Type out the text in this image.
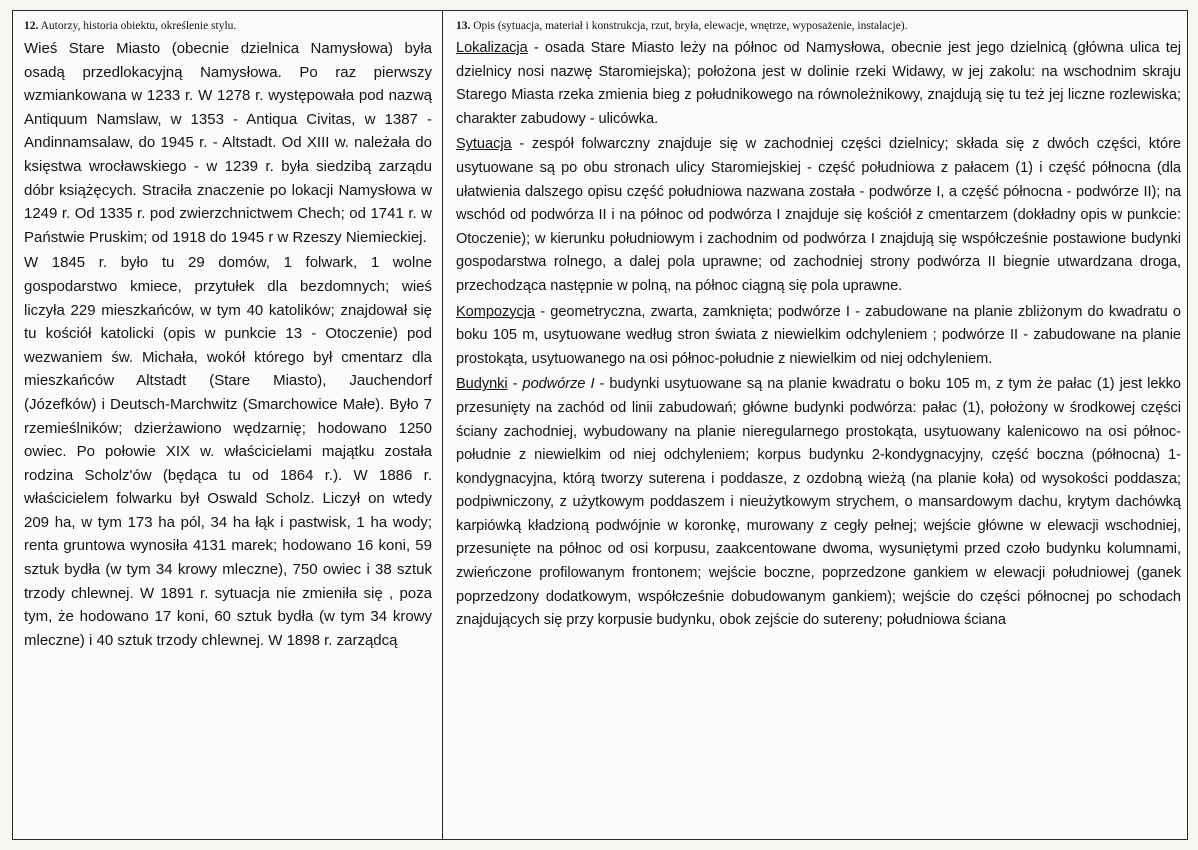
12. Autorzy, historia obiektu, określenie stylu.

Wieś Stare Miasto (obecnie dzielnica Namysłowa) była osadą przedlokacyjną Namysłowa. Po raz pierwszy wzmiankowana w 1233 r. W 1278 r. występowała pod nazwą Antiquum Namslaw, w 1353 - Antiqua Civitas, w 1387 - Andinnamsalaw, do 1945 r. - Altstadt. Od XIII w. należała do księstwa wrocławskiego - w 1239 r. była siedzibą zarządu dóbr książęcych. Straciła znaczenie po lokacji Namysłowa w 1249 r. Od 1335 r. pod zwierzchnictwem Chech; od 1741 r. w Państwie Pruskim; od 1918 do 1945 r w Rzeszy Niemieckiej.

W 1845 r. było tu 29 domów, 1 folwark, 1 wolne gospodarstwo kmiece, przytułek dla bezdomnych; wieś liczyła 229 mieszkańców, w tym 40 katolików; znajdował się tu kościół katolicki (opis w punkcie 13 - Otoczenie) pod wezwaniem św. Michała, wokół którego był cmentarz dla mieszkańców Altstadt (Stare Miasto), Jauchendorf (Józefków) i Deutsch-Marchwitz (Smarchowice Małe). Było 7 rzemieślników; dzierżawiono wędzarnię; hodowano 1250 owiec. Po połowie XIX w. właścicielami majątku została rodzina Scholz'ów (będąca tu od 1864 r.). W 1886 r. właścicielem folwarku był Oswald Scholz. Liczył on wtedy 209 ha, w tym 173 ha pól, 34 ha łąk i pastwisk, 1 ha wody; renta gruntowa wynosiła 4131 marek; hodowano 16 koni, 59 sztuk bydła (w tym 34 krowy mleczne), 750 owiec i 38 sztuk trzody chlewnej. W 1891 r. sytuacja nie zmieniła się , poza tym, że hodowano 17 koni, 60 sztuk bydła (w tym 34 krowy mleczne) i 40 sztuk trzody chlewnej. W 1898 r. zarządcą

13. Opis (sytuacja, materiał i konstrukcja, rzut, bryła, elewacje, wnętrze, wyposażenie, instalacje).

Lokalizacja - osada Stare Miasto leży na północ od Namysłowa, obecnie jest jego dzielnicą (główna ulica tej dzielnicy nosi nazwę Staromiejska); położona jest w dolinie rzeki Widawy, w jej zakolu: na wschodnim skraju Starego Miasta rzeka zmienia bieg z południkowego na równoleżnikowy, znajdują się tu też jej liczne rozlewiska; charakter zabudowy - ulicówka.

Sytuacja - zespół folwarczny znajduje się w zachodniej części dzielnicy; składa się z dwóch części, które usytuowane są po obu stronach ulicy Staromiejskiej - część południowa z pałacem (1) i część północna (dla ułatwienia dalszego opisu część południowa nazwana została - podwórze I, a część północna - podwórze II); na wschód od podwórza II i na północ od podwórza I znajduje się kościół z cmentarzem (dokładny opis w punkcie: Otoczenie); w kierunku południowym i zachodnim od podwórza I znajdują się współcześnie postawione budynki gospodarstwa rolnego, a dalej pola uprawne; od zachodniej strony podwórza II biegnie utwardzana droga, przechodząca następnie w polną, na północ ciągną się pola uprawne.

Kompozycja - geometryczna, zwarta, zamknięta; podwórze I - zabudowane na planie zbliżonym do kwadratu o boku 105 m, usytuowane według stron świata z niewielkim odchyleniem ; podwórze II - zabudowane na planie prostokąta, usytuowanego na osi północ-południe z niewielkim od niej odchyleniem.

Budynki - podwórze I - budynki usytuowane są na planie kwadratu o boku 105 m, z tym że pałac (1) jest lekko przesunięty na zachód od linii zabudowań; główne budynki podwórza: pałac (1), położony w środkowej części ściany zachodniej, wybudowany na planie nieregularnego prostokąta, usytuowany kalenicowo na osi północ-południe z niewielkim od niej odchyleniem; korpus budynku 2-kondygnacyjny, część boczna (północna) 1-kondygnacyjna, którą tworzy suterena i poddasze, z ozdobną wieżą (na planie koła) od wysokości poddasza; podpiwniczony, z użytkowym poddaszem i nieużytkowym strychem, o mansardowym dachu, krytym dachówką karpiówką kładzioną podwójnie w koronkę, murowany z cegły pełnej; wejście główne w elewacji wschodniej, przesunięte na północ od osi korpusu, zaakcentowane dwoma, wysuniętymi przed czoło budynku kolumnami, zwieńczone profilowanym frontonem; wejście boczne, poprzedzone gankiem w elewacji południowej (ganek poprzedzony dodatkowym, współcześnie dobudowanym gankiem); wejście do części północnej po schodach znajdujących się przy korpusie budynku, obok zejście do sutereny; południowa ściana
